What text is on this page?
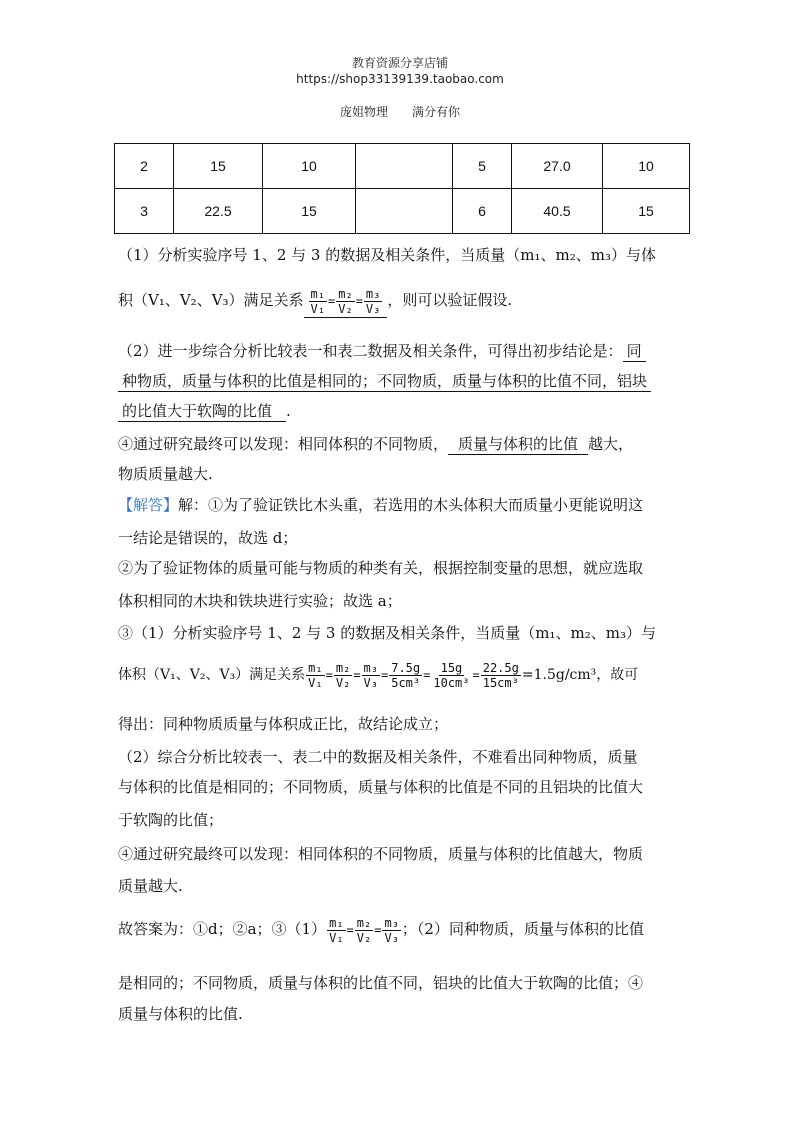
教育资源分享店铺
https://shop33139139.taobao.com
庞姐物理　　满分有你
2	15	10		5	27.0	10
3	22.5	15		6	40.5	15
（1）分析实验序号 1、2 与 3 的数据及相关条件，当质量（m₁、m₂、m₃）与体
积（V₁、V₂、V₃）满足关系 $\frac{\text{m₁}}{\text{V₁}} = \frac{\text{m₂}}{\text{V₂}} = \frac{\text{m₃}}{\text{V₃}}$ ，则可以验证假设.
（2）进一步综合分析比较表一和表二数据及相关条件，可得出初步结论是： 同
种物质，质量与体积的比值是相同的；不同物质，质量与体积的比值不同，铝块
的比值大于软陶的比值 .
④通过研究最终可以发现：相同体积的不同物质， 质量与体积的比值 越大，
物质质量越大.
【解答】解：①为了验证铁比木头重，若选用的木头体积大而质量小更能说明这
一结论是错误的，故选 d；
②为了验证物体的质量可能与物质的种类有关，根据控制变量的思想，就应选取
体积相同的木块和铁块进行实验；故选 a；
③（1）分析实验序号 1、2 与 3 的数据及相关条件，当质量（m₁、m₂、m₃）与
体积（V₁、V₂、V₃）满足关系 $\frac{\text{m₁}}{\text{V₁}} = \frac{\text{m₂}}{\text{V₂}} = \frac{\text{m₃}}{\text{V₃}} = \frac{7.5g}{\text{5cm³}} = \frac{15g}{\text{10cm³}} = \frac{22.5g}{\text{15cm³}} =1.5g/cm^3$，故可
得出：同种物质质量与体积成正比，故结论成立；
（2）综合分析比较表一、表二中的数据及相关条件，不难看出同种物质，质量
与体积的比值是相同的；不同物质，质量与体积的比值是不同的且铝块的比值大
于软陶的比值；
④通过研究最终可以发现：相同体积的不同物质，质量与体积的比值越大，物质
质量越大.
故答案为：①d；②a；③（1） $\frac{\text{m₁}}{\text{V₁}} = \frac{\text{m₂}}{\text{V₂}} = \frac{\text{m₃}}{\text{V₃}}$ ；（2）同种物质，质量与体积的比值
是相同的；不同物质，质量与体积的比值不同，铝块的比值大于软陶的比值；④
质量与体积的比值.
